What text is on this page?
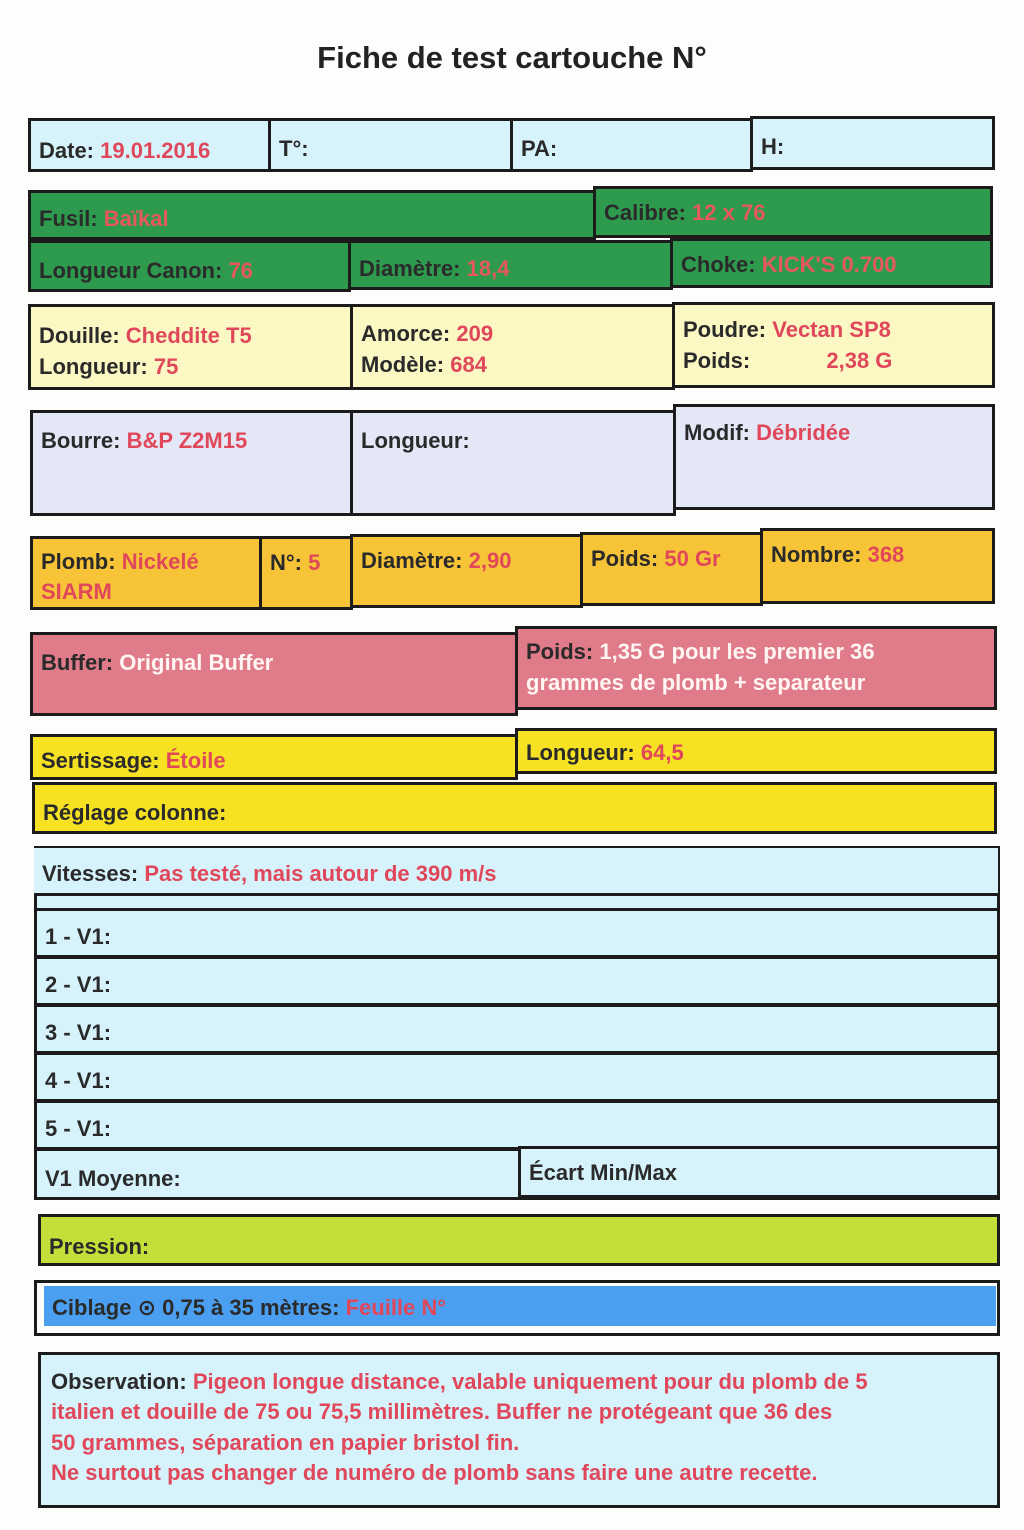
Fiche de test cartouche N°
Date: 19.01.2016	T°:	PA:	H:
Fusil: Baïkal	Calibre: 12 x 76
Longueur Canon: 76	Diamètre: 18,4	Choke: KICK'S 0.700
Douille: Cheddite T5
Longueur: 75
Amorce: 209
Modèle: 684
Poudre: Vectan SP8
Poids:	2,38 G
Bourre: B&P Z2M15	Longueur:	Modif: Débridée
Plomb: Nickelé
SIARM
N°: 5	Diamètre: 2,90	Poids: 50 Gr	Nombre: 368
Buffer: Original Buffer	Poids: 1,35 G pour les premier 36
grammes de plomb + separateur
Sertissage: Étoile	Longueur: 64,5
Réglage colonne:
Vitesses: Pas testé, mais autour de 390 m/s
1 - V1:
2 - V1:
3 - V1:
4 - V1:
5 - V1:
V1 Moyenne:	Écart Min/Max
Pression:
Ciblage ⊙ 0,75 à 35 mètres: Feuille N°
Observation: Pigeon longue distance, valable uniquement pour du plomb de 5
italien et douille de 75 ou 75,5 millimètres. Buffer ne protégeant que 36 des
50 grammes, séparation en papier bristol fin.
Ne surtout pas changer de numéro de plomb sans faire une autre recette.
